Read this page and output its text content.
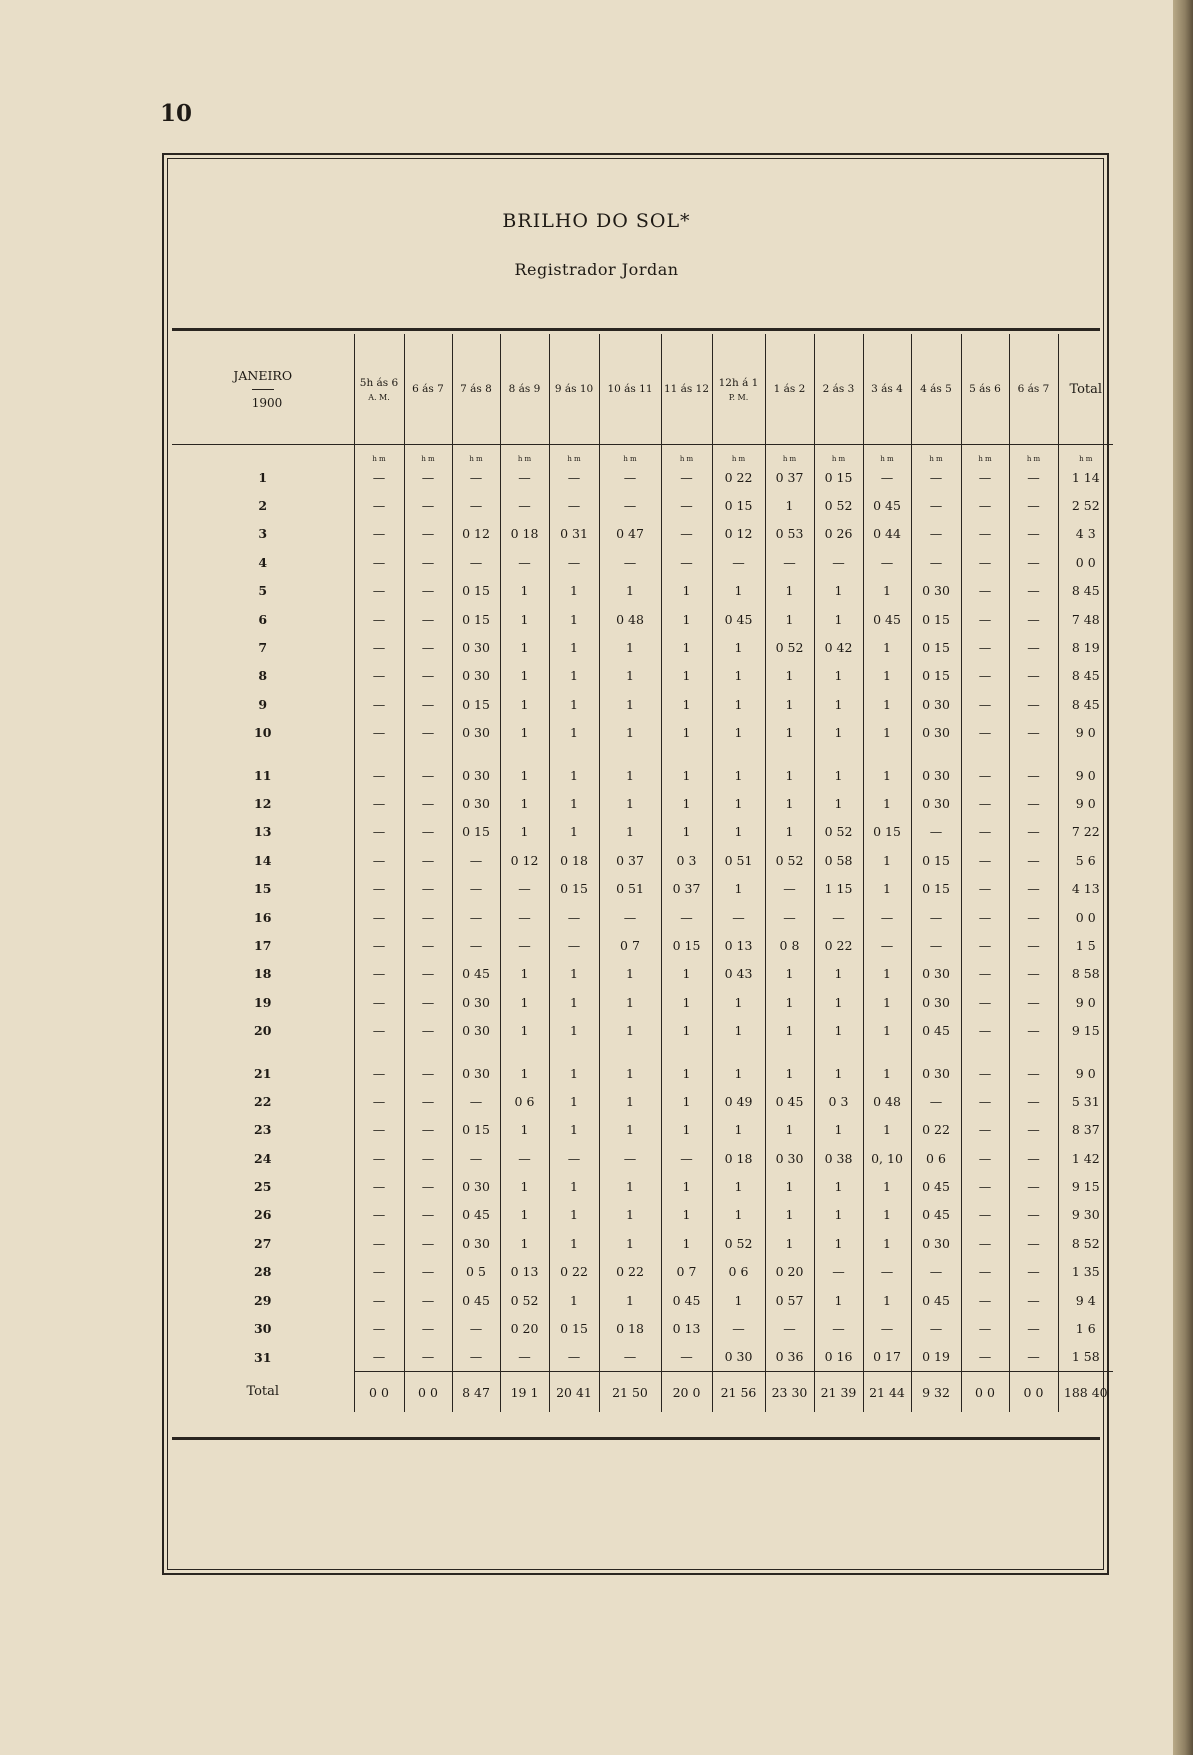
10
BRILHO DO SOL*
Registrador Jordan
JANEIRO
1900	5h ás 6
A. M.	6 ás 7	7 ás 8	8 ás 9	9 ás 10	10 ás 11	11 ás 12	12h á 1
P. M.	1 ás 2	2 ás 3	3 ás 4	4 ás 5	5 ás 6	6 ás 7	Total
	h m	h m	h m	h m	h m	h m	h m	h m	h m	h m	h m	h m	h m	h m	h m
1	—	—	—	—	—	—	—	0 22	0 37	0 15	—	—	—	—	1 14
2	—	—	—	—	—	—	—	0 15	1	0 52	0 45	—	—	—	2 52
3	—	—	0 12	0 18	0 31	0 47	—	0 12	0 53	0 26	0 44	—	—	—	4 3
4	—	—	—	—	—	—	—	—	—	—	—	—	—	—	0 0
5	—	—	0 15	1	1	1	1	1	1	1	1	0 30	—	—	8 45
6	—	—	0 15	1	1	0 48	1	0 45	1	1	0 45	0 15	—	—	7 48
7	—	—	0 30	1	1	1	1	1	0 52	0 42	1	0 15	—	—	8 19
8	—	—	0 30	1	1	1	1	1	1	1	1	0 15	—	—	8 45
9	—	—	0 15	1	1	1	1	1	1	1	1	0 30	—	—	8 45
10	—	—	0 30	1	1	1	1	1	1	1	1	0 30	—	—	9 0

11	—	—	0 30	1	1	1	1	1	1	1	1	0 30	—	—	9 0
12	—	—	0 30	1	1	1	1	1	1	1	1	0 30	—	—	9 0
13	—	—	0 15	1	1	1	1	1	1	0 52	0 15	—	—	—	7 22
14	—	—	—	0 12	0 18	0 37	0 3	0 51	0 52	0 58	1	0 15	—	—	5 6
15	—	—	—	—	0 15	0 51	0 37	1	—	1 15	1	0 15	—	—	4 13
16	—	—	—	—	—	—	—	—	—	—	—	—	—	—	0 0
17	—	—	—	—	—	0 7	0 15	0 13	0 8	0 22	—	—	—	—	1 5
18	—	—	0 45	1	1	1	1	0 43	1	1	1	0 30	—	—	8 58
19	—	—	0 30	1	1	1	1	1	1	1	1	0 30	—	—	9 0
20	—	—	0 30	1	1	1	1	1	1	1	1	0 45	—	—	9 15

21	—	—	0 30	1	1	1	1	1	1	1	1	0 30	—	—	9 0
22	—	—	—	0 6	1	1	1	0 49	0 45	0 3	0 48	—	—	—	5 31
23	—	—	0 15	1	1	1	1	1	1	1	1	0 22	—	—	8 37
24	—	—	—	—	—	—	—	0 18	0 30	0 38	0, 10	0 6	—	—	1 42
25	—	—	0 30	1	1	1	1	1	1	1	1	0 45	—	—	9 15
26	—	—	0 45	1	1	1	1	1	1	1	1	0 45	—	—	9 30
27	—	—	0 30	1	1	1	1	0 52	1	1	1	0 30	—	—	8 52
28	—	—	0 5	0 13	0 22	0 22	0 7	0 6	0 20	—	—	—	—	—	1 35
29	—	—	0 45	0 52	1	1	0 45	1	0 57	1	1	0 45	—	—	9 4
30	—	—	—	0 20	0 15	0 18	0 13	—	—	—	—	—	—	—	1 6
31	—	—	—	—	—	—	—	0 30	0 36	0 16	0 17	0 19	—	—	1 58
Total	0 0	0 0	8 47	19 1	20 41	21 50	20 0	21 56	23 30	21 39	21 44	9 32	0 0	0 0	188 40
